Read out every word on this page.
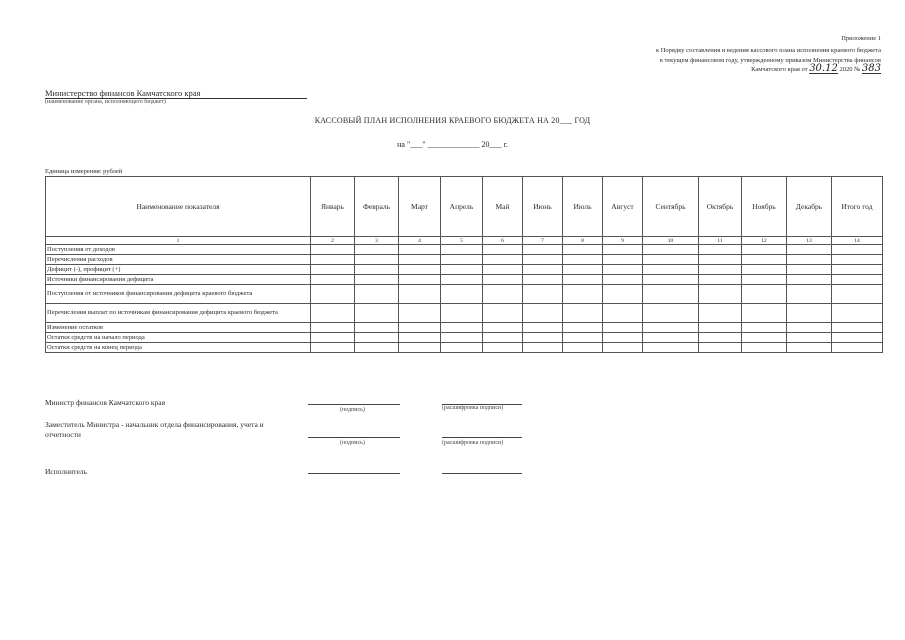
Приложение 1
к Порядку составления и ведения кассового плана исполнения краевого бюджета
в текущем финансовом году, утвержденному приказом Министерства финансов
Камчатского края от 30.12 2020 № 383
Министерство финансов Камчатского края
(наименование органа, исполняющего бюджет)
КАССОВЫЙ ПЛАН ИСПОЛНЕНИЯ КРАЕВОГО БЮДЖЕТА НА 20___ ГОД
на "___" _____________ 20___ г.
Единица измерения: рублей
Наименование показателя	Январь	Февраль	Март	Апрель	Май	Июнь	Июль	Август	Сентябрь	Октябрь	Ноябрь	Декабрь	Итого год
1	2	3	4	5	6	7	8	9	10	11	12	13	14
Поступления от доходов													
Перечисления расходов													
Дефицит (-), профицит (+)													
Источники финансирования дефицита													
Поступления от источников финансирования дефицита краевого бюджета													
Перечисления выплат по источникам финансирования дефицита краевого бюджета													
Изменение остатков													
Остатки средств на начало периода													
Остатки средств на конец периода													
Министр финансов Камчатского края
(подпись)	(расшифровка подписи)
Заместитель Министра - начальник отдела финансирования, учета и отчетности
(подпись)	(расшифровка подписи)
Исполнитель
